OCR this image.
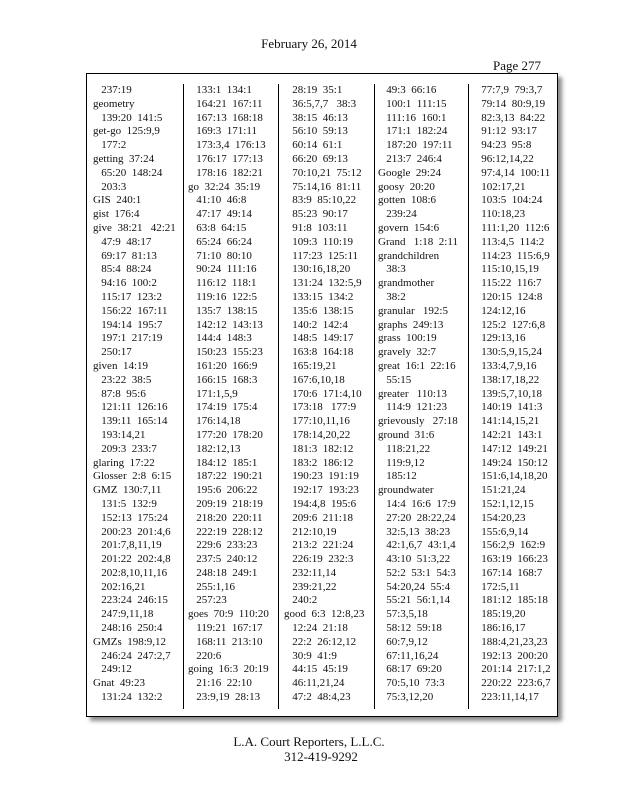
February 26, 2014
Page 277
237:19
geometry
139:20  141:5
get-go  125:9,9
177:2
getting  37:24
65:20  148:24
203:3
GIS  240:1
gist  176:4
give  38:21   42:21
47:9  48:17
69:17  81:13
85:4  88:24
94:16  100:2
115:17  123:2
156:22  167:11
194:14  195:7
197:1  217:19
250:17
given  14:19
23:22  38:5
87:8  95:6
121:11  126:16
139:11  165:14
193:14,21
209:3  233:7
glaring  17:22
Glosser  2:8  6:15
GMZ  130:7,11
131:5  132:9
152:13  175:24
200:23  201:4,6
201:7,8,11,19
201:22  202:4,8
202:8,10,11,16
202:16,21
223:24  246:15
247:9,11,18
248:16  250:4
GMZs  198:9,12
246:24  247:2,7
249:12
Gnat  49:23
131:24  132:2
133:1  134:1
164:21  167:11
167:13  168:18
169:3  171:11
173:3,4  176:13
176:17  177:13
178:16  182:21
go  32:24  35:19
41:10  46:8
47:17  49:14
63:8  64:15
65:24  66:24
71:10  80:10
90:24  111:16
116:12  118:1
119:16  122:5
135:7  138:15
142:12  143:13
144:4  148:3
150:23  155:23
161:20  166:9
166:15  168:3
171:1,5,9
174:19  175:4
176:14,18
177:20  178:20
182:12,13
184:12  185:1
187:22  190:21
195:6  206:22
209:19  218:19
218:20  220:11
222:19  228:12
229:6  233:23
237:5  240:12
248:18  249:1
255:1,16
257:23
goes  70:9  110:20
119:21  167:17
168:11  213:10
220:6
going  16:3  20:19
21:16  22:10
23:9,19  28:13
28:19  35:1
36:5,7,7   38:3
38:15  46:13
56:10  59:13
60:14  61:1
66:20  69:13
70:10,21  75:12
75:14,16  81:11
83:9  85:10,22
85:23  90:17
91:8  103:11
109:3  110:19
117:23  125:11
130:16,18,20
131:24  132:5,9
133:15  134:2
135:6  138:15
140:2  142:4
148:5  149:17
163:8  164:18
165:19,21
167:6,10,18
170:6  171:4,10
173:18   177:9
177:10,11,16
178:14,20,22
181:3  182:12
183:2  186:12
190:23  191:19
192:17  193:23
194:4,8  195:6
209:6  211:18
212:10,19
213:2  221:24
226:19  232:3
232:11,14
239:21,22
240:2
good  6:3  12:8,23
12:24  21:18
22:2  26:12,12
30:9  41:9
44:15  45:19
46:11,21,24
47:2  48:4,23
49:3  66:16
100:1  111:15
111:16  160:1
171:1  182:24
187:20  197:11
213:7  246:4
Google  29:24
goosy  20:20
gotten  108:6
239:24
govern  154:6
Grand   1:18  2:11
grandchildren
38:3
grandmother
38:2
granular   192:5
graphs  249:13
grass  100:19
gravely  32:7
great  16:1  22:16
55:15
greater   110:13
114:9  121:23
grievously   27:18
ground  31:6
118:21,22
119:9,12
185:12
groundwater
14:4  16:6  17:9
27:20  28:22,24
32:5,13  38:23
42:1,6,7  43:1,4
43:10  51:3,22
52:2  53:1  54:3
54:20,24  55:4
55:21  56:1,14
57:3,5,18
58:12  59:18
60:7,9,12
67:11,16,24
68:17  69:20
70:5,10  73:3
75:3,12,20
77:7,9  79:3,7
79:14  80:9,19
82:3,13  84:22
91:12  93:17
94:23  95:8
96:12,14,22
97:4,14  100:11
102:17,21
103:5  104:24
110:18,23
111:1,20  112:6
113:4,5  114:2
114:23  115:6,9
115:10,15,19
115:22  116:7
120:15  124:8
124:12,16
125:2  127:6,8
129:13,16
130:5,9,15,24
133:4,7,9,16
138:17,18,22
139:5,7,10,18
140:19  141:3
141:14,15,21
142:21  143:1
147:12  149:21
149:24  150:12
151:6,14,18,20
151:21,24
152:1,12,15
154:20,23
155:6,9,14
156:2,9  162:9
163:19  166:23
167:14  168:7
172:5,11
181:12  185:18
185:19,20
186:16,17
188:4,21,23,23
192:13  200:20
201:14  217:1,2
220:22  223:6,7
223:11,14,17
L.A. Court Reporters, L.L.C.
312-419-9292
